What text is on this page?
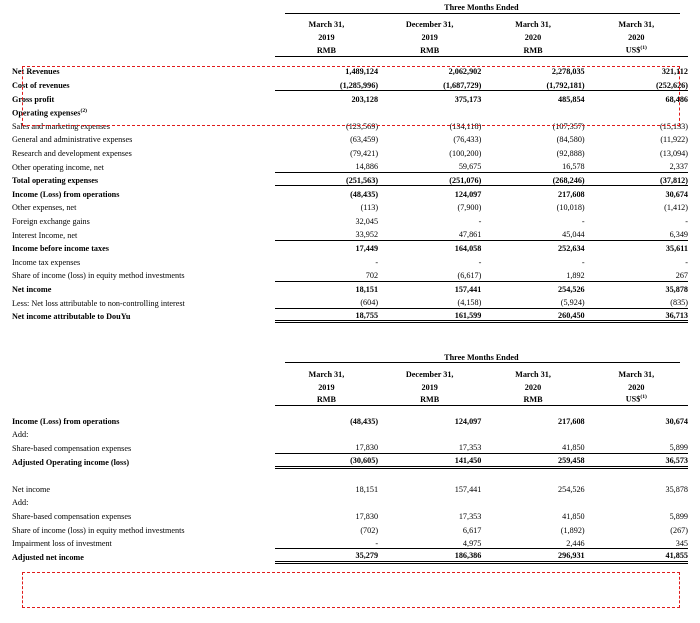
	Three Months Ended			

	March 31,	December 31,	March 31,	March 31,
	2019	2019	2020	2020
	RMB	RMB	RMB	US\$$^{(1)}$

Net Revenues	1,489,124	2,062,902	2,278,035	321,112
Cost of revenues	(1,285,996)	(1,687,729)	(1,792,181)	(252,626)
Gross profit	203,128	375,173	485,854	68,486
Operating expenses$^{(2)}$				
Sales and marketing expenses	(123,569)	(134,118)	(107,357)	(15,133)
General and administrative expenses	(63,459)	(76,433)	(84,580)	(11,922)
Research and development expenses	(79,421)	(100,200)	(92,888)	(13,094)
Other operating income, net	14,886	59,675	16,578	2,337
Total operating expenses	(251,563)	(251,076)	(268,246)	(37,812)
Income (Loss) from operations	(48,435)	124,097	217,608	30,674
Other expenses, net	(113)	(7,900)	(10,018)	(1,412)
Foreign exchange gains	32,045	-	-	-
Interest Income, net	33,952	47,861	45,044	6,349
Income before income taxes	17,449	164,058	252,634	35,611
Income tax expenses	-	-	-	-
Share of income (loss) in equity method investments	702	(6,617)	1,892	267
Net income	18,151	157,441	254,526	35,878
Less: Net loss attributable to non-controlling interest	(604)	(4,158)	(5,924)	(835)
Net income attributable to DouYu	18,755	161,599	260,450	36,713
	Three Months Ended			

	March 31,	December 31,	March 31,	March 31,
	2019	2019	2020	2020
	RMB	RMB	RMB	US\$$^{(1)}$

Income (Loss) from operations	(48,435)	124,097	217,608	30,674
Add:				
Share-based compensation expenses	17,830	17,353	41,850	5,899
Adjusted Operating income (loss)	(30,605)	141,450	259,458	36,573

Net income	18,151	157,441	254,526	35,878
Add:				
Share-based compensation expenses	17,830	17,353	41,850	5,899
Share of income (loss) in equity method investments	(702)	6,617	(1,892)	(267)
Impairment loss of investment	-	4,975	2,446	345
Adjusted net income	35,279	186,386	296,931	41,855
